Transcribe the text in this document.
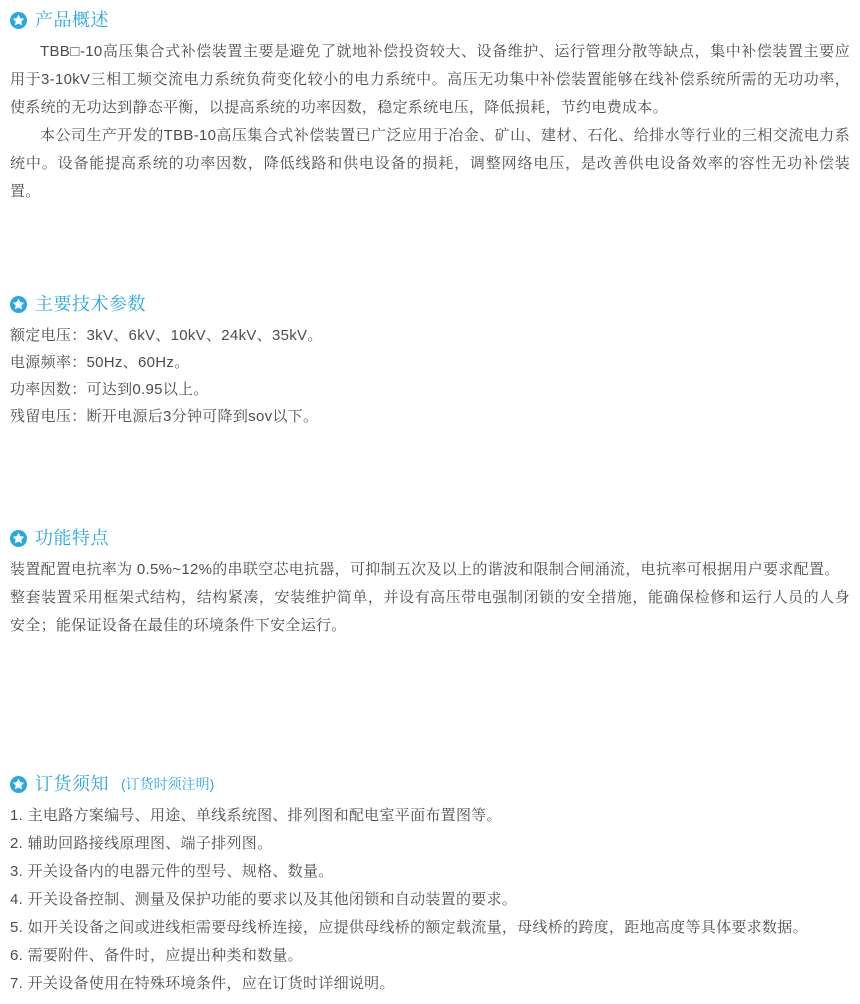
产品概述

TBB□-10高压集合式补偿装置主要是避免了就地补偿投资较大、设备维护、运行管理分散等缺点，集中补偿装置主要应用于3-10kV三相工频交流电力系统负荷变化较小的电力系统中。高压无功集中补偿装置能够在线补偿系统所需的无功功率，使系统的无功达到静态平衡，以提高系统的功率因数，稳定系统电压，降低损耗，节约电费成本。

本公司生产开发的TBB-10高压集合式补偿装置已广泛应用于冶金、矿山、建材、石化、给排水等行业的三相交流电力系统中。设备能提高系统的功率因数，降低线路和供电设备的损耗，调整网络电压，是改善供电设备效率的容性无功补偿装置。

主要技术参数
额定电压：3kV、6kV、10kV、24kV、35kV。
电源频率：50Hz、60Hz。
功率因数：可达到0.95以上。
残留电压：断开电源后3分钟可降到sov以下。
功能特点

装置配置电抗率为 0.5%~12%的串联空芯电抗器，可抑制五次及以上的谐波和限制合闸涌流，电抗率可根据用户要求配置。

整套装置采用框架式结构，结构紧凑，安装维护简单，并设有高压带电强制闭锁的安全措施，能确保检修和运行人员的人身安全；能保证设备在最佳的环境条件下安全运行。

订货须知 (订货时须注明)
1. 主电路方案编号、用途、单线系统图、排列图和配电室平面布置图等。
2. 辅助回路接线原理图、端子排列图。
3. 开关设备内的电器元件的型号、规格、数量。
4. 开关设备控制、测量及保护功能的要求以及其他闭锁和自动装置的要求。
5. 如开关设备之间或进线柜需要母线桥连接，应提供母线桥的额定载流量，母线桥的跨度，距地高度等具体要求数据。
6. 需要附件、备件时，应提出种类和数量。
7. 开关设备使用在特殊环境条件，应在订货时详细说明。
